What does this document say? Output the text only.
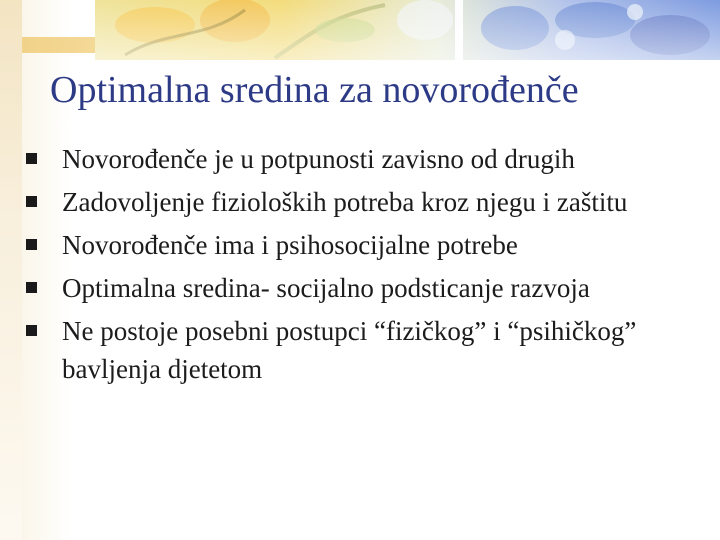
Optimalna sredina za novorođenče
Novorođenče je u potpunosti zavisno od drugih
Zadovoljenje fizioloških potreba kroz njegu i zaštitu
Novorođenče ima i psihosocijalne potrebe
Optimalna sredina- socijalno podsticanje razvoja
Ne postoje posebni postupci “fizičkog” i “psihičkog” bavljenja djetetom
